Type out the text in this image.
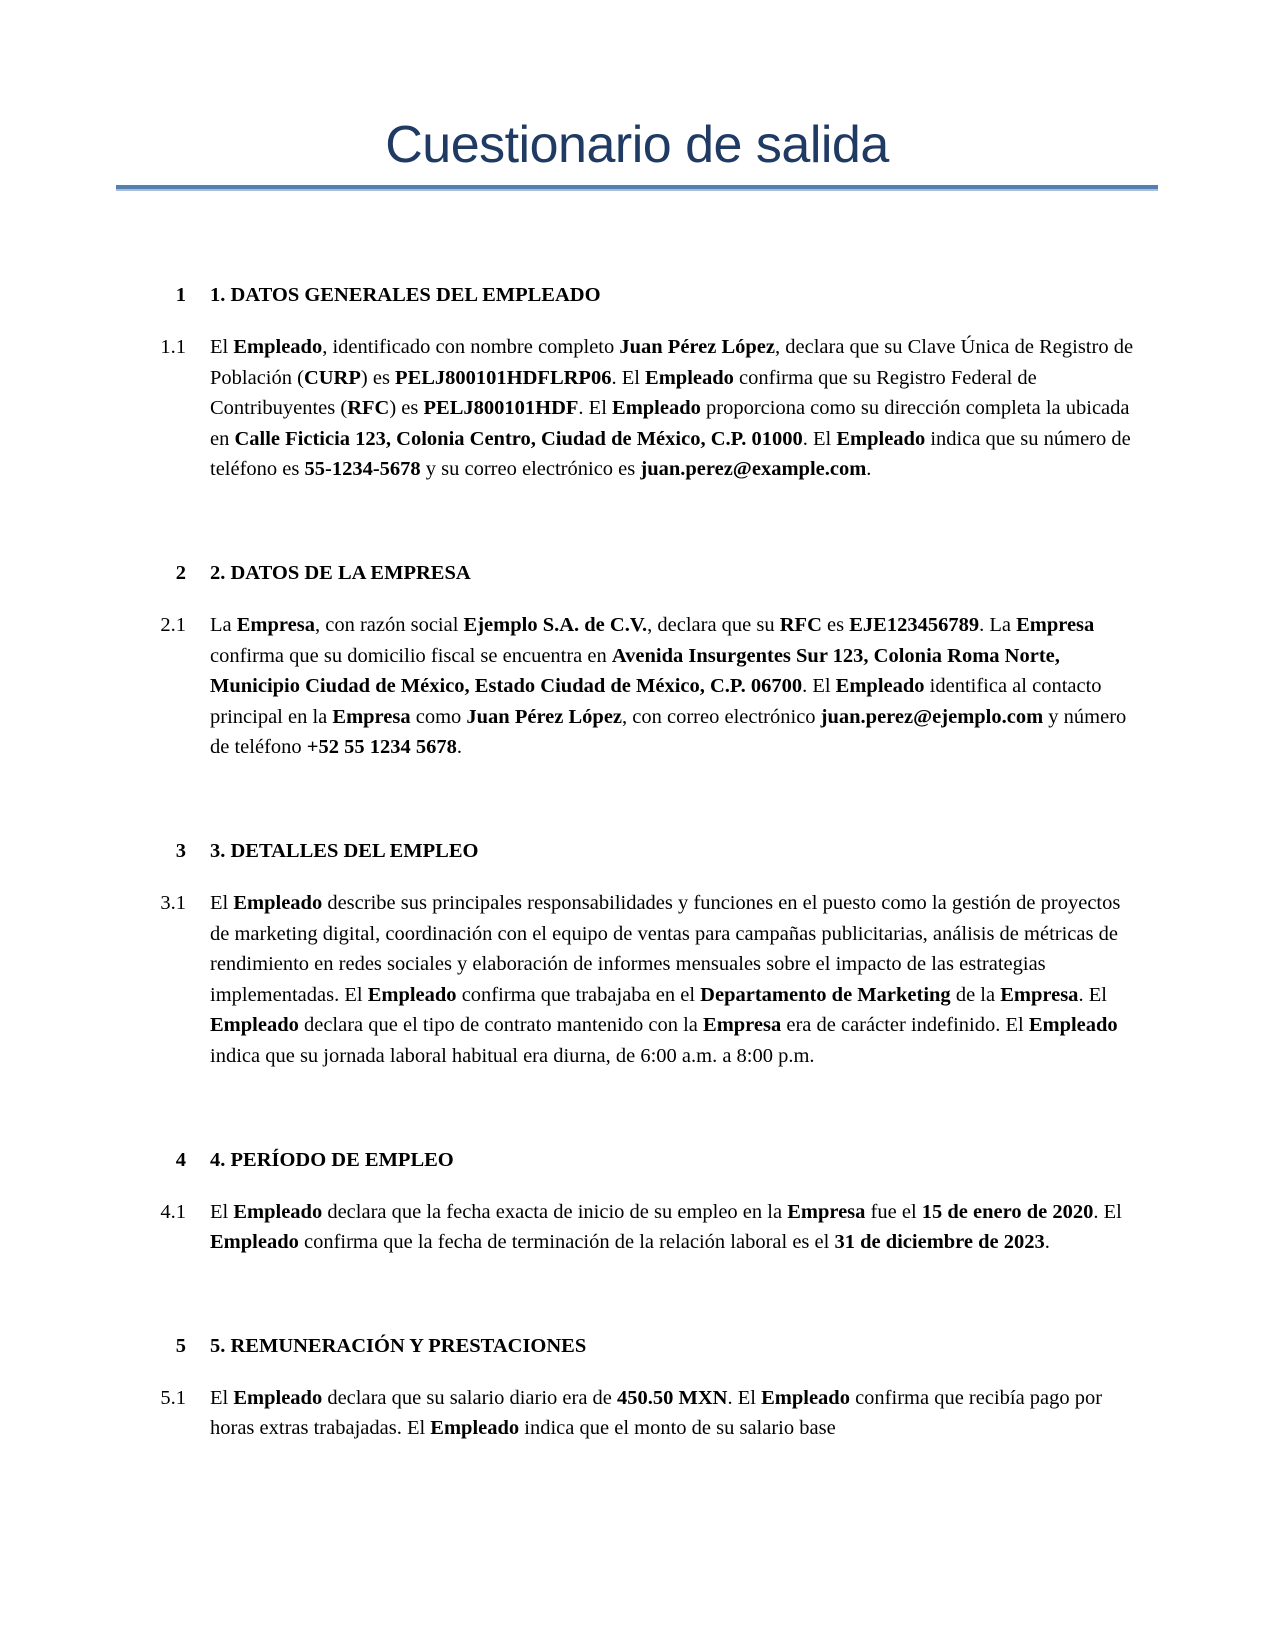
Cuestionario de salida
1 1. DATOS GENERALES DEL EMPLEADO
1.1 El Empleado, identificado con nombre completo Juan Pérez López, declara que su Clave Única de Registro de Población (CURP) es PELJ800101HDFLRP06. El Empleado confirma que su Registro Federal de Contribuyentes (RFC) es PELJ800101HDF. El Empleado proporciona como su dirección completa la ubicada en Calle Ficticia 123, Colonia Centro, Ciudad de México, C.P. 01000. El Empleado indica que su número de teléfono es 55-1234-5678 y su correo electrónico es juan.perez@example.com.

2 2. DATOS DE LA EMPRESA
2.1 La Empresa, con razón social Ejemplo S.A. de C.V., declara que su RFC es EJE123456789. La Empresa confirma que su domicilio fiscal se encuentra en Avenida Insurgentes Sur 123, Colonia Roma Norte, Municipio Ciudad de México, Estado Ciudad de México, C.P. 06700. El Empleado identifica al contacto principal en la Empresa como Juan Pérez López, con correo electrónico juan.perez@ejemplo.com y número de teléfono +52 55 1234 5678.

3 3. DETALLES DEL EMPLEO
3.1 El Empleado describe sus principales responsabilidades y funciones en el puesto como la gestión de proyectos de marketing digital, coordinación con el equipo de ventas para campañas publicitarias, análisis de métricas de rendimiento en redes sociales y elaboración de informes mensuales sobre el impacto de las estrategias implementadas. El Empleado confirma que trabajaba en el Departamento de Marketing de la Empresa. El Empleado declara que el tipo de contrato mantenido con la Empresa era de carácter indefinido. El Empleado indica que su jornada laboral habitual era diurna, de 6:00 a.m. a 8:00 p.m.

4 4. PERÍODO DE EMPLEO
4.1 El Empleado declara que la fecha exacta de inicio de su empleo en la Empresa fue el 15 de enero de 2020. El Empleado confirma que la fecha de terminación de la relación laboral es el 31 de diciembre de 2023.

5 5. REMUNERACIÓN Y PRESTACIONES
5.1 El Empleado declara que su salario diario era de 450.50 MXN. El Empleado confirma que recibía pago por horas extras trabajadas. El Empleado indica que el monto de su salario base
